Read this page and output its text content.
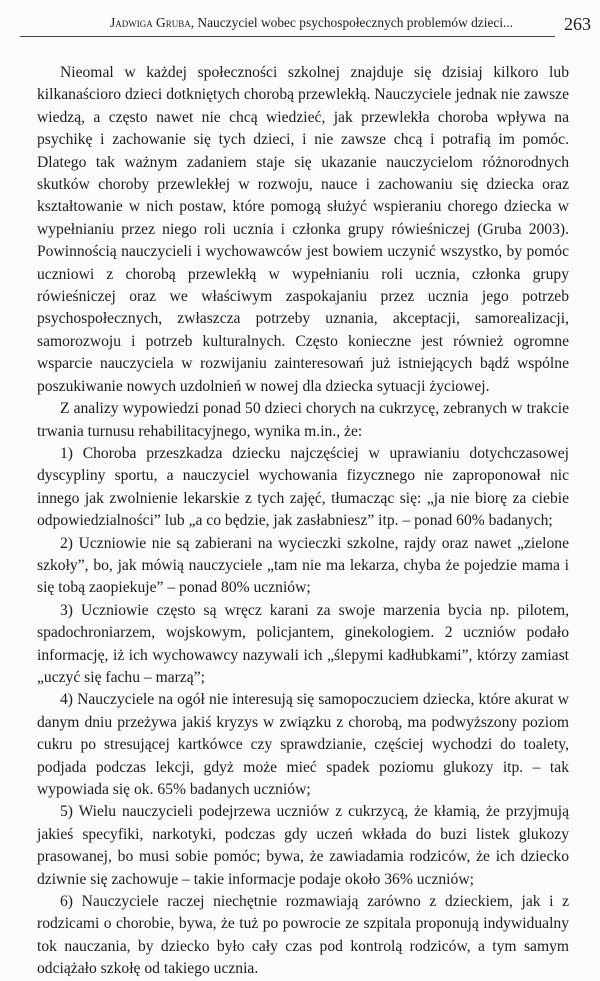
Jadwiga Gruba, Nauczyciel wobec psychospołecznych problemów dzieci...	263

Nieomal w każdej społeczności szkolnej znajduje się dzisiaj kilkoro lub kilkanaścioro dzieci dotkniętych chorobą przewlekłą. Nauczyciele jednak nie zawsze wiedzą, a często nawet nie chcą wiedzieć, jak przewlekła choroba wpływa na psychikę i zachowanie się tych dzieci, i nie zawsze chcą i potrafią im pomóc. Dlatego tak ważnym zadaniem staje się ukazanie nauczycielom różnorodnych skutków choroby przewlekłej w rozwoju, nauce i zachowaniu się dziecka oraz kształtowanie w nich postaw, które pomogą służyć wspieraniu chorego dziecka w wypełnianiu przez niego roli ucznia i członka grupy rówieśniczej (Gruba 2003). Powinnością nauczycieli i wychowawców jest bowiem uczynić wszystko, by pomóc uczniowi z chorobą przewlekłą w wypełnianiu roli ucznia, członka grupy rówieśniczej oraz we właściwym zaspokajaniu przez ucznia jego potrzeb psychospołecznych, zwłaszcza potrzeby uznania, akceptacji, samorealizacji, samorozwoju i potrzeb kulturalnych. Często konieczne jest również ogromne wsparcie nauczyciela w rozwijaniu zainteresowań już istniejących bądź wspólne poszukiwanie nowych uzdolnień w nowej dla dziecka sytuacji życiowej.

Z analizy wypowiedzi ponad 50 dzieci chorych na cukrzycę, zebranych w trakcie trwania turnusu rehabilitacyjnego, wynika m.in., że:

1) Choroba przeszkadza dziecku najczęściej w uprawianiu dotychczasowej dyscypliny sportu, a nauczyciel wychowania fizycznego nie zaproponował nic innego jak zwolnienie lekarskie z tych zajęć, tłumacząc się: „ja nie biorę za ciebie odpowiedzialności” lub „a co będzie, jak zasłabniesz” itp. – ponad 60% badanych;

2) Uczniowie nie są zabierani na wycieczki szkolne, rajdy oraz nawet „zielone szkoły”, bo, jak mówią nauczyciele „tam nie ma lekarza, chyba że pojedzie mama i się tobą zaopiekuje” – ponad 80% uczniów;

3) Uczniowie często są wręcz karani za swoje marzenia bycia np. pilotem, spadochroniarzem, wojskowym, policjantem, ginekologiem. 2 uczniów podało informację, iż ich wychowawcy nazywali ich „ślepymi kadłubkami”, którzy zamiast „uczyć się fachu – marzą”;

4) Nauczyciele na ogół nie interesują się samopoczuciem dziecka, które akurat w danym dniu przeżywa jakiś kryzys w związku z chorobą, ma podwyższony poziom cukru po stresującej kartkówce czy sprawdzianie, częściej wychodzi do toalety, podjada podczas lekcji, gdyż może mieć spadek poziomu glukozy itp. – tak wypowiada się ok. 65% badanych uczniów;

5) Wielu nauczycieli podejrzewa uczniów z cukrzycą, że kłamią, że przyjmują jakieś specyfiki, narkotyki, podczas gdy uczeń wkłada do buzi listek glukozy prasowanej, bo musi sobie pomóc; bywa, że zawiadamia rodziców, że ich dziecko dziwnie się zachowuje – takie informacje podaje około 36% uczniów;

6) Nauczyciele raczej niechętnie rozmawiają zarówno z dzieckiem, jak i z rodzicami o chorobie, bywa, że tuż po powrocie ze szpitala proponują indywidualny tok nauczania, by dziecko było cały czas pod kontrolą rodziców, a tym samym odciążało szkołę od takiego ucznia.
